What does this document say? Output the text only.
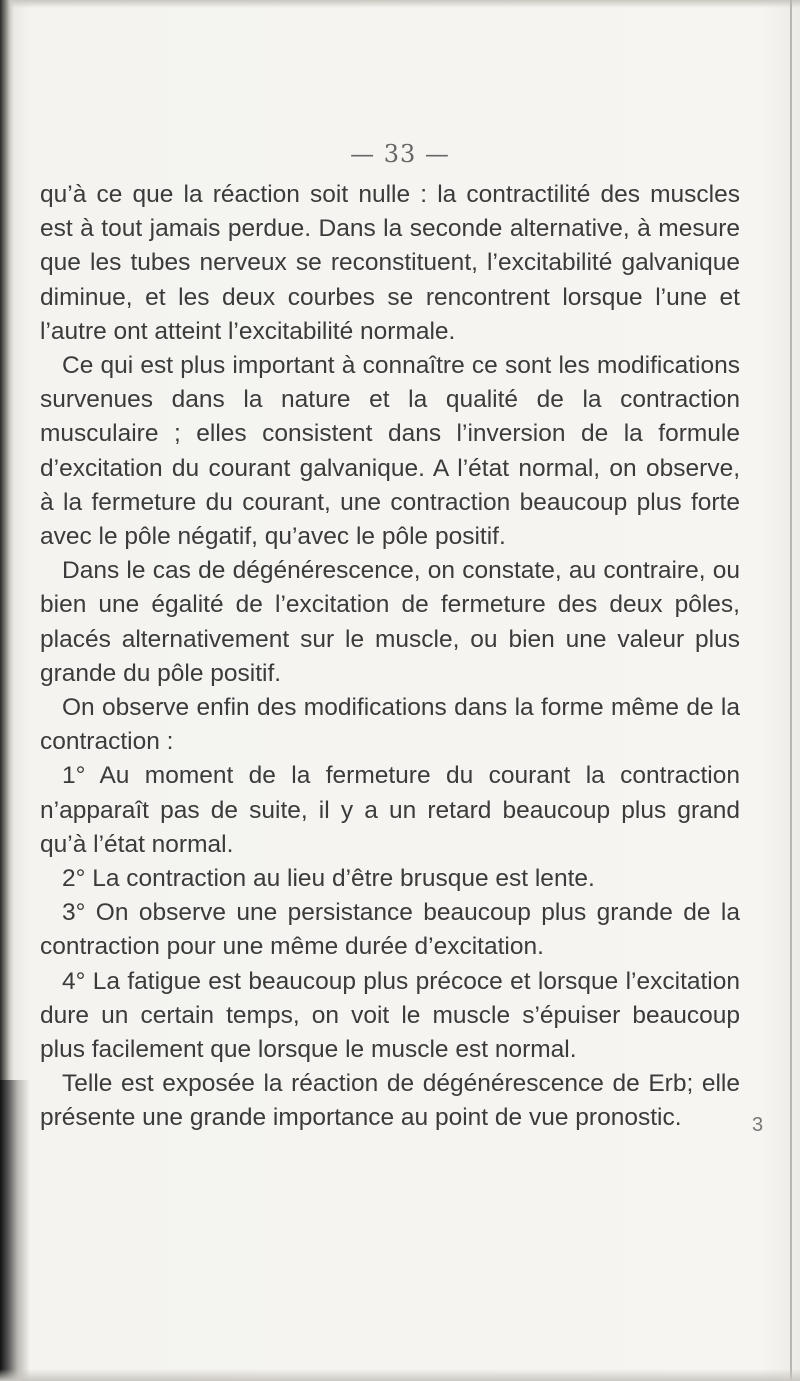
— 33 —

qu’à ce que la réaction soit nulle : la contractilité des muscles est à tout jamais perdue. Dans la seconde alternative, à mesure que les tubes nerveux se reconstituent, l’excitabilité galvanique diminue, et les deux courbes se rencontrent lorsque l’une et l’autre ont atteint l’excitabilité normale.

Ce qui est plus important à connaître ce sont les modifications survenues dans la nature et la qualité de la contraction musculaire ; elles consistent dans l’inversion de la formule d’excitation du courant galvanique. A l’état normal, on observe, à la fermeture du courant, une contraction beaucoup plus forte avec le pôle négatif, qu’avec le pôle positif.

Dans le cas de dégénérescence, on constate, au contraire, ou bien une égalité de l’excitation de fermeture des deux pôles, placés alternativement sur le muscle, ou bien une valeur plus grande du pôle positif.

On observe enfin des modifications dans la forme même de la contraction :

1° Au moment de la fermeture du courant la contraction n’apparaît pas de suite, il y a un retard beaucoup plus grand qu’à l’état normal.

2° La contraction au lieu d’être brusque est lente.

3° On observe une persistance beaucoup plus grande de la contraction pour une même durée d’excitation.

4° La fatigue est beaucoup plus précoce et lorsque l’excitation dure un certain temps, on voit le muscle s’épuiser beaucoup plus facilement que lorsque le muscle est normal.

Telle est exposée la réaction de dégénérescence de Erb; elle présente une grande importance au point de vue pronostic.	3
